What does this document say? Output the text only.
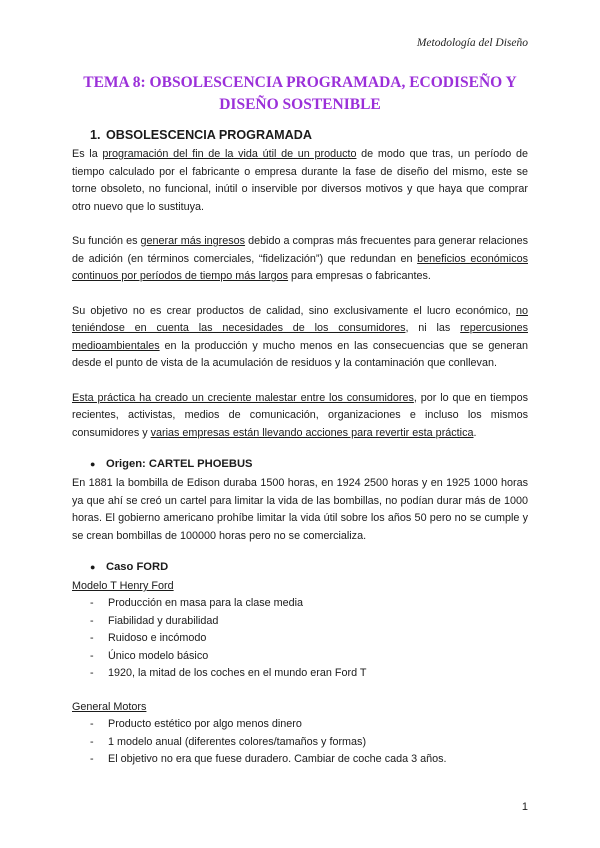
Metodología del Diseño
TEMA 8: OBSOLESCENCIA PROGRAMADA, ECODISEÑO Y
DISEÑO SOSTENIBLE
1. OBSOLESCENCIA PROGRAMADA

Es la programación del fin de la vida útil de un producto de modo que tras, un período de tiempo calculado por el fabricante o empresa durante la fase de diseño del mismo, este se torne obsoleto, no funcional, inútil o inservible por diversos motivos y que haya que comprar otro nuevo que lo sustituya.

Su función es generar más ingresos debido a compras más frecuentes para generar relaciones de adición (en términos comerciales, “fidelización”) que redundan en beneficios económicos continuos por períodos de tiempo más largos para empresas o fabricantes.

Su objetivo no es crear productos de calidad, sino exclusivamente el lucro económico, no teniéndose en cuenta las necesidades de los consumidores, ni las repercusiones medioambientales en la producción y mucho menos en las consecuencias que se generan desde el punto de vista de la acumulación de residuos y la contaminación que conllevan.

Esta práctica ha creado un creciente malestar entre los consumidores, por lo que en tiempos recientes, activistas, medios de comunicación, organizaciones e incluso los mismos consumidores y varias empresas están llevando acciones para revertir esta práctica.

● Origen: CARTEL PHOEBUS

En 1881 la bombilla de Edison duraba 1500 horas, en 1924 2500 horas y en 1925 1000 horas ya que ahí se creó un cartel para limitar la vida de las bombillas, no podían durar más de 1000 horas. El gobierno americano prohíbe limitar la vida útil sobre los años 50 pero no se cumple y se crean bombillas de 100000 horas pero no se comercializa.

● Caso FORD

Modelo T Henry Ford

- Producción en masa para la clase media
- Fiabilidad y durabilidad
- Ruidoso e incómodo
- Único modelo básico
- 1920, la mitad de los coches en el mundo eran Ford T

General Motors

- Producto estético por algo menos dinero
- 1 modelo anual (diferentes colores/tamaños y formas)
- El objetivo no era que fuese duradero. Cambiar de coche cada 3 años.
1
